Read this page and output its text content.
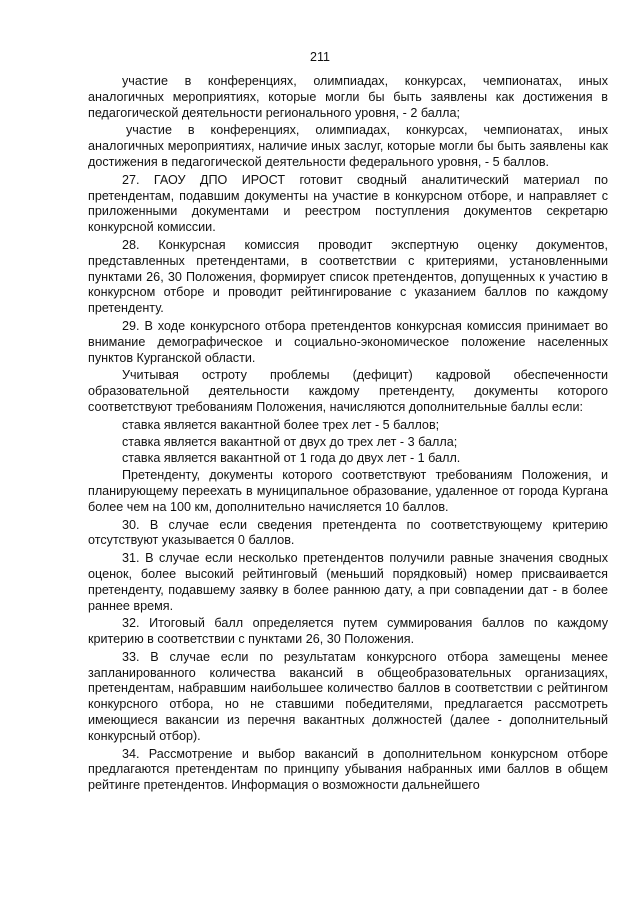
211

участие в конференциях, олимпиадах, конкурсах, чемпионатах, иных аналогичных мероприятиях, которые могли бы быть заявлены как достижения в педагогической деятельности регионального уровня, - 2 балла;

участие в конференциях, олимпиадах, конкурсах, чемпионатах, иных аналогичных мероприятиях, наличие иных заслуг, которые могли бы быть заявлены как достижения в педагогической деятельности федерального уровня, - 5 баллов.

27. ГАОУ ДПО ИРОСТ готовит сводный аналитический материал по претендентам, подавшим документы на участие в конкурсном отборе, и направляет с приложенными документами и реестром поступления документов секретарю конкурсной комиссии.

28. Конкурсная комиссия проводит экспертную оценку документов, представленных претендентами, в соответствии с критериями, установленными пунктами 26, 30 Положения, формирует список претендентов, допущенных к участию в конкурсном отборе и проводит рейтингирование с указанием баллов по каждому претенденту.

29. В ходе конкурсного отбора претендентов конкурсная комиссия принимает во внимание демографическое и социально-экономическое положение населенных пунктов Курганской области.

Учитывая остроту проблемы (дефицит) кадровой обеспеченности образовательной деятельности каждому претенденту, документы которого соответствуют требованиям Положения, начисляются дополнительные баллы если:

ставка является вакантной более трех лет - 5 баллов;

ставка является вакантной от двух до трех лет - 3 балла;

ставка является вакантной от 1 года до двух лет - 1 балл.

Претенденту, документы которого соответствуют требованиям Положения, и планирующему переехать в муниципальное образование, удаленное от города Кургана более чем на 100 км, дополнительно начисляется 10 баллов.

30. В случае если сведения претендента по соответствующему критерию отсутствуют указывается 0 баллов.

31. В случае если несколько претендентов получили равные значения сводных оценок, более высокий рейтинговый (меньший порядковый) номер присваивается претенденту, подавшему заявку в более раннюю дату, а при совпадении дат - в более раннее время.

32. Итоговый балл определяется путем суммирования баллов по каждому критерию в соответствии с пунктами 26, 30 Положения.

33. В случае если по результатам конкурсного отбора замещены менее запланированного количества вакансий в общеобразовательных организациях, претендентам, набравшим наибольшее количество баллов в соответствии с рейтингом конкурсного отбора, но не ставшими победителями, предлагается рассмотреть имеющиеся вакансии из перечня вакантных должностей (далее - дополнительный конкурсный отбор).

34. Рассмотрение и выбор вакансий в дополнительном конкурсном отборе предлагаются претендентам по принципу убывания набранных ими баллов в общем рейтинге претендентов. Информация о возможности дальнейшего
